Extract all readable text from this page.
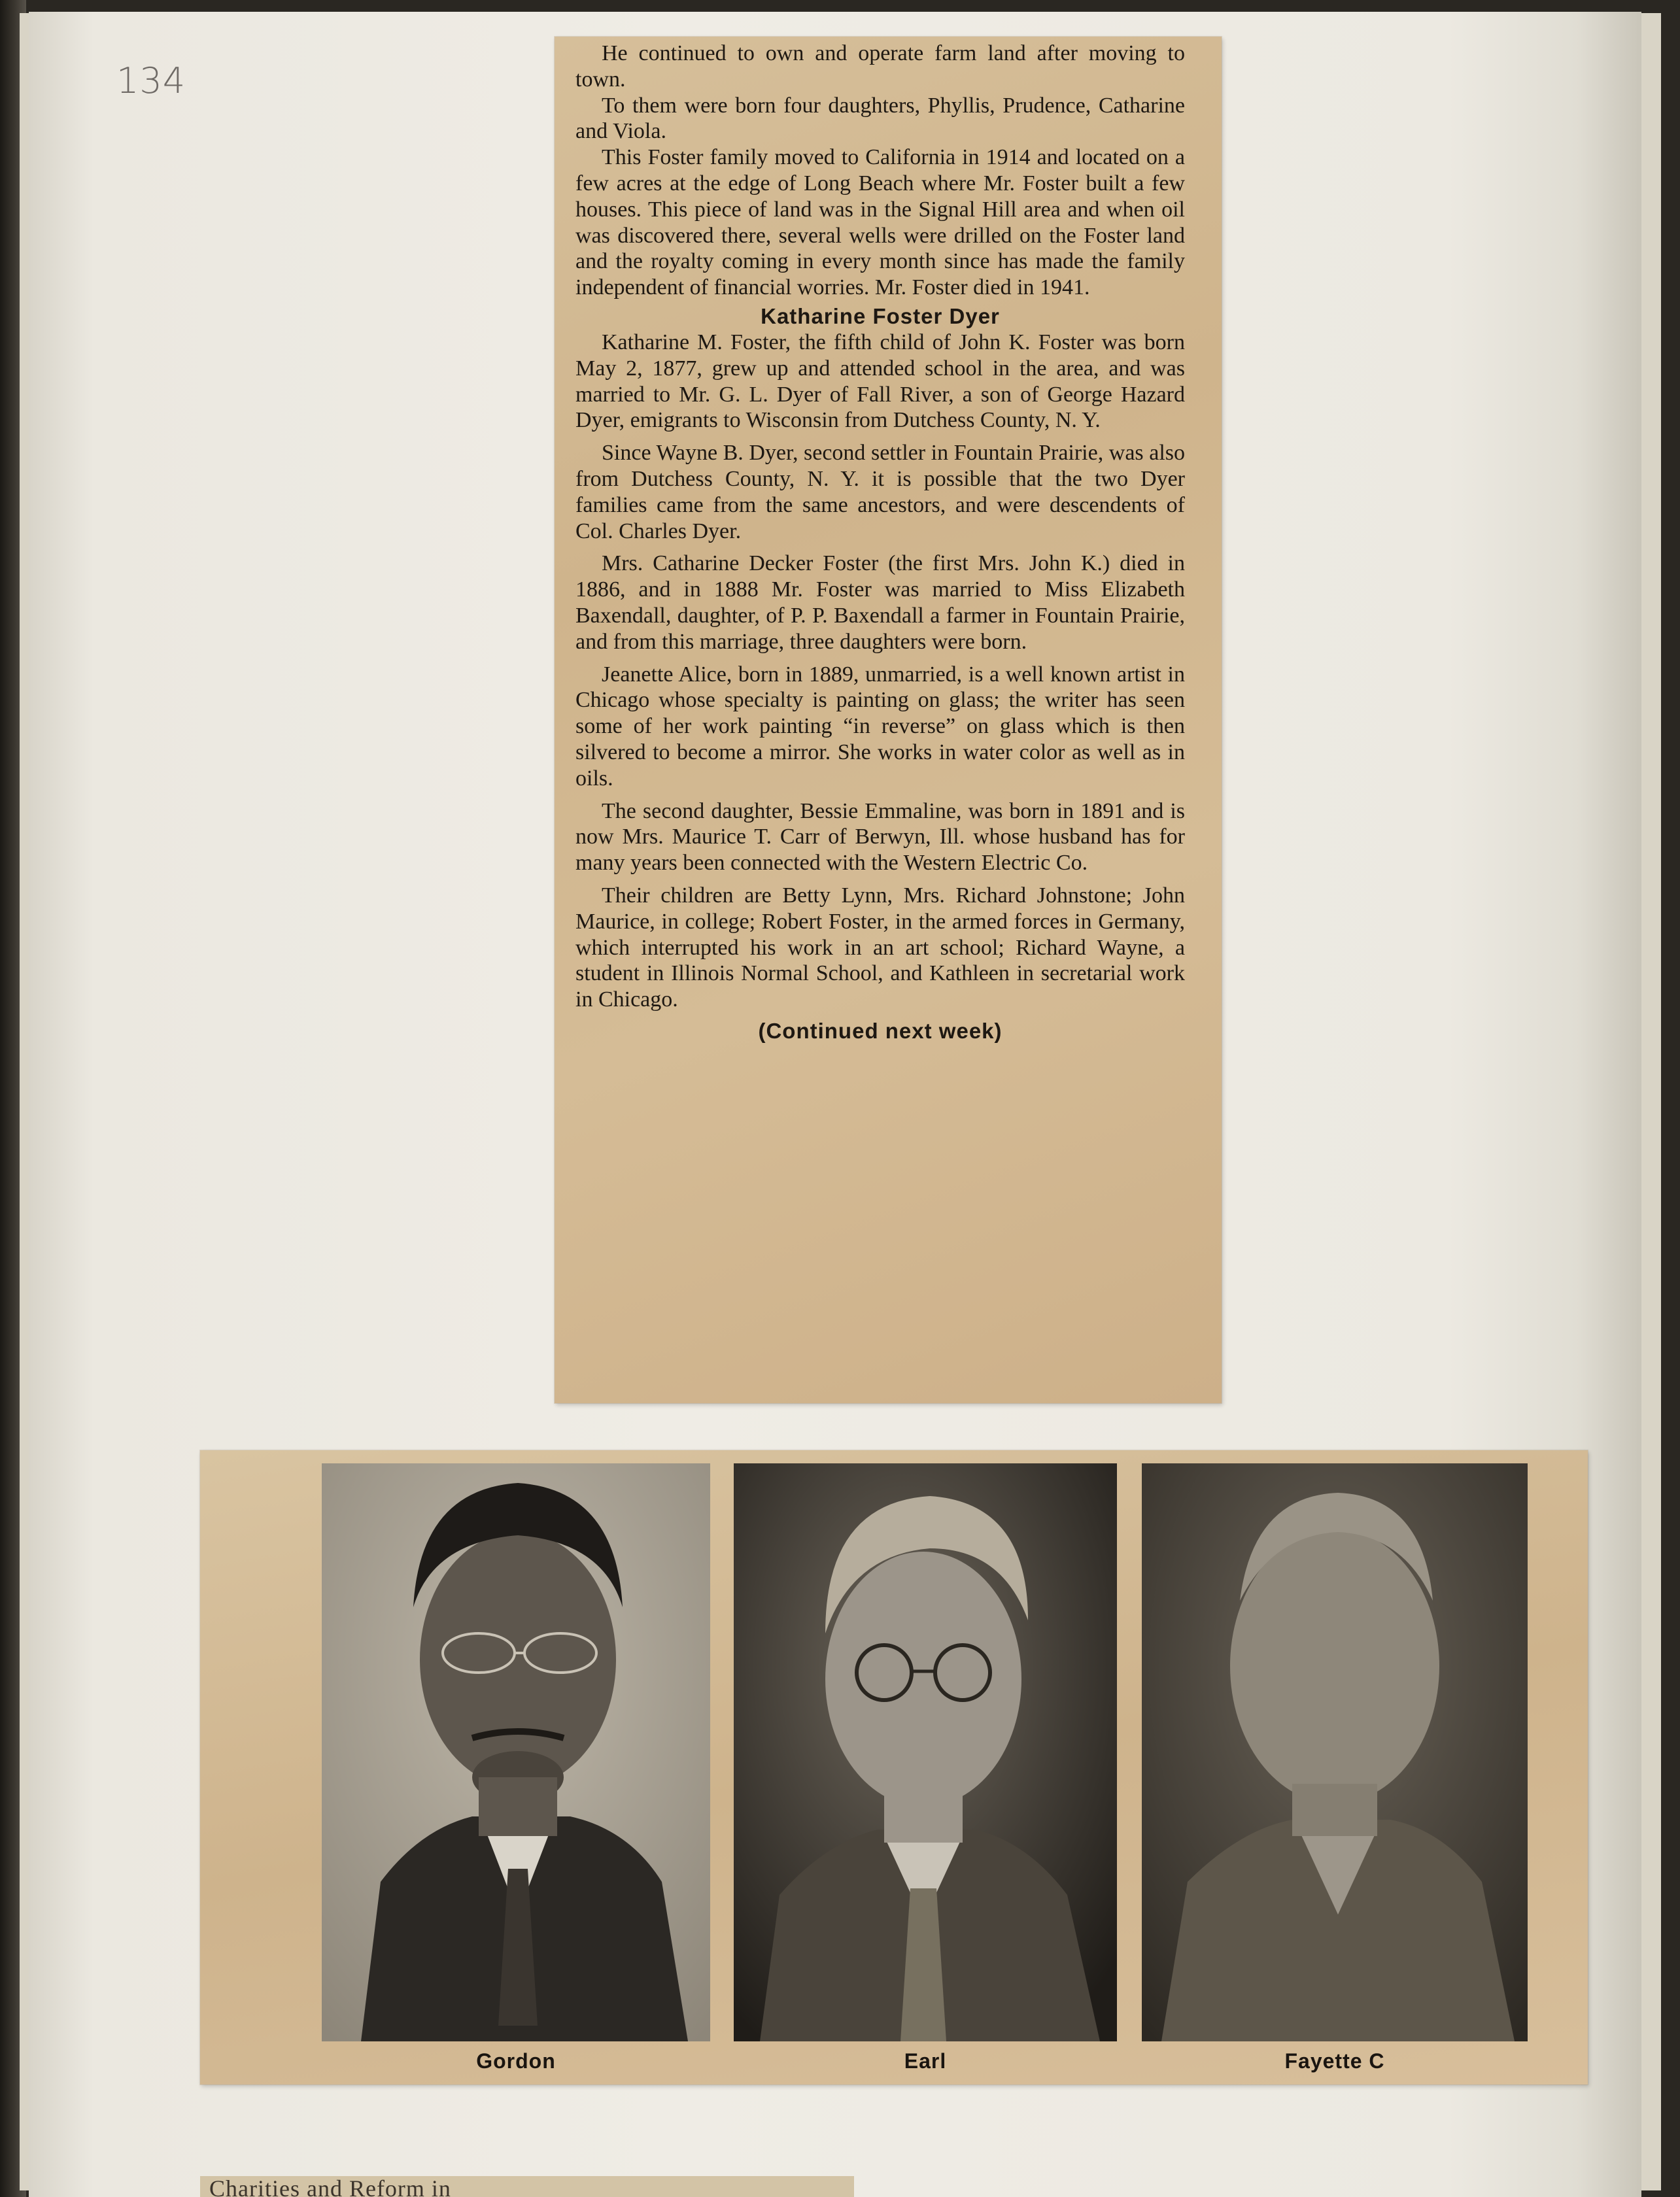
134

He continued to own and operate farm land after moving to town.

To them were born four daughters, Phyllis, Prudence, Catharine and Viola.

This Foster family moved to California in 1914 and located on a few acres at the edge of Long Beach where Mr. Foster built a few houses. This piece of land was in the Signal Hill area and when oil was discovered there, several wells were drilled on the Foster land and the royalty coming in every month since has made the family independent of financial worries. Mr. Foster died in 1941.

Katharine Foster Dyer

Katharine M. Foster, the fifth child of John K. Foster was born May 2, 1877, grew up and attended school in the area, and was married to Mr. G. L. Dyer of Fall River, a son of George Hazard Dyer, emigrants to Wisconsin from Dutchess County, N. Y.

Since Wayne B. Dyer, second settler in Fountain Prairie, was also from Dutchess County, N. Y. it is possible that the two Dyer families came from the same ancestors, and were descendents of Col. Charles Dyer.

Mrs. Catharine Decker Foster (the first Mrs. John K.) died in 1886, and in 1888 Mr. Foster was married to Miss Elizabeth Baxendall, daughter, of P. P. Baxendall a farmer in Fountain Prairie, and from this marriage, three daughters were born.

Jeanette Alice, born in 1889, unmarried, is a well known artist in Chicago whose specialty is painting on glass; the writer has seen some of her work painting “in reverse” on glass which is then silvered to become a mirror. She works in water color as well as in oils.

The second daughter, Bessie Emmaline, was born in 1891 and is now Mrs. Maurice T. Carr of Berwyn, Ill. whose husband has for many years been connected with the Western Electric Co.

Their children are Betty Lynn, Mrs. Richard Johnstone; John Maurice, in college; Robert Foster, in the armed forces in Germany, which interrupted his work in an art school; Richard Wayne, a student in Illinois Normal School, and Kathleen in secretarial work in Chicago.

(Continued next week)

Gordon	Earl	Fayette C
Charities and Reform in
